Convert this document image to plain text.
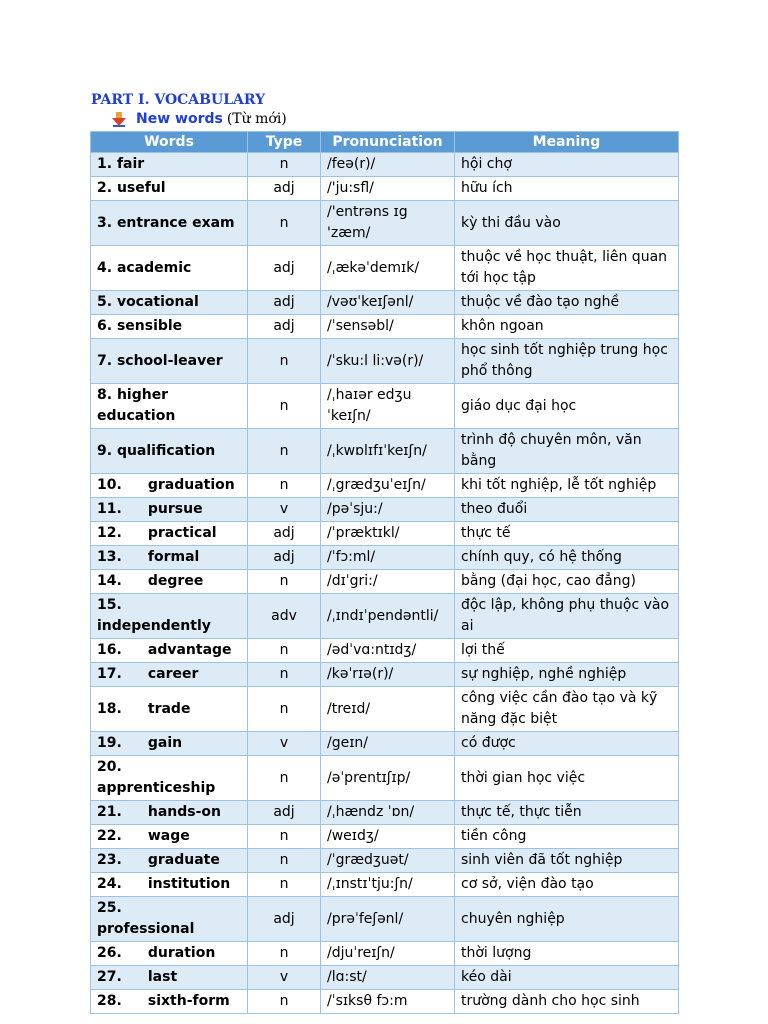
PART I. VOCABULARY
New words (Từ mới)
Words	Type	Pronunciation	Meaning
1. fair	n	/feə(r)/	hội chợ
2. useful	adj	/'ju:sfl/	hữu ích
3. entrance exam	n	/'entrəns ɪg 'zæm/	kỳ thi đầu vào
4. academic	adj	/ˌækəˈdemɪk/	thuộc về học thuật, liên quan tới học tập
5. vocational	adj	/vəʊˈkeɪʃənl/	thuộc về đào tạo nghề
6. sensible	adj	/ˈsensəbl/	khôn ngoan
7. school-leaver	n	/ˈsku:l li:və(r)/	học sinh tốt nghiệp trung học phổ thông
8. higher education	n	/ˌhaɪər edʒu ˈkeɪʃn/	giáo dục đại học
9. qualification	n	/ˌkwɒlɪfɪˈkeɪʃn/	trình độ chuyên môn, văn bằng
10. graduation	n	/ˌgrædʒuˈeɪʃn/	khi tốt nghiệp, lễ tốt nghiệp
11. pursue	v	/pəˈsju:/	theo đuổi
12. practical	adj	/ˈpræktɪkl/	thực tế
13. formal	adj	/ˈfɔ:ml/	chính quy, có hệ thống
14. degree	n	/dɪˈgri:/	bằng (đại học, cao đẳng)
15. independently	adv	/ˌɪndɪˈpendəntli/	độc lập, không phụ thuộc vào ai
16. advantage	n	/ədˈvɑ:ntɪdʒ/	lợi thế
17. career	n	/kəˈrɪə(r)/	sự nghiệp, nghề nghiệp
18. trade	n	/treɪd/	công việc cần đào tạo và kỹ năng đặc biệt
19. gain	v	/geɪn/	có được
20. apprenticeship	n	/əˈprentɪʃɪp/	thời gian học việc
21. hands-on	adj	/ˌhændz ˈɒn/	thực tế, thực tiễn
22. wage	n	/weɪdʒ/	tiền công
23. graduate	n	/ˈgrædʒuət/	sinh viên đã tốt nghiệp
24. institution	n	/ˌɪnstɪˈtju:ʃn/	cơ sở, viện đào tạo
25. professional	adj	/prəˈfeʃənl/	chuyên nghiệp
26. duration	n	/djuˈreɪʃn/	thời lượng
27. last	v	/lɑ:st/	kéo dài
28. sixth-form	n	/ˈsɪksθ fɔ:m	trường dành cho học sinh
